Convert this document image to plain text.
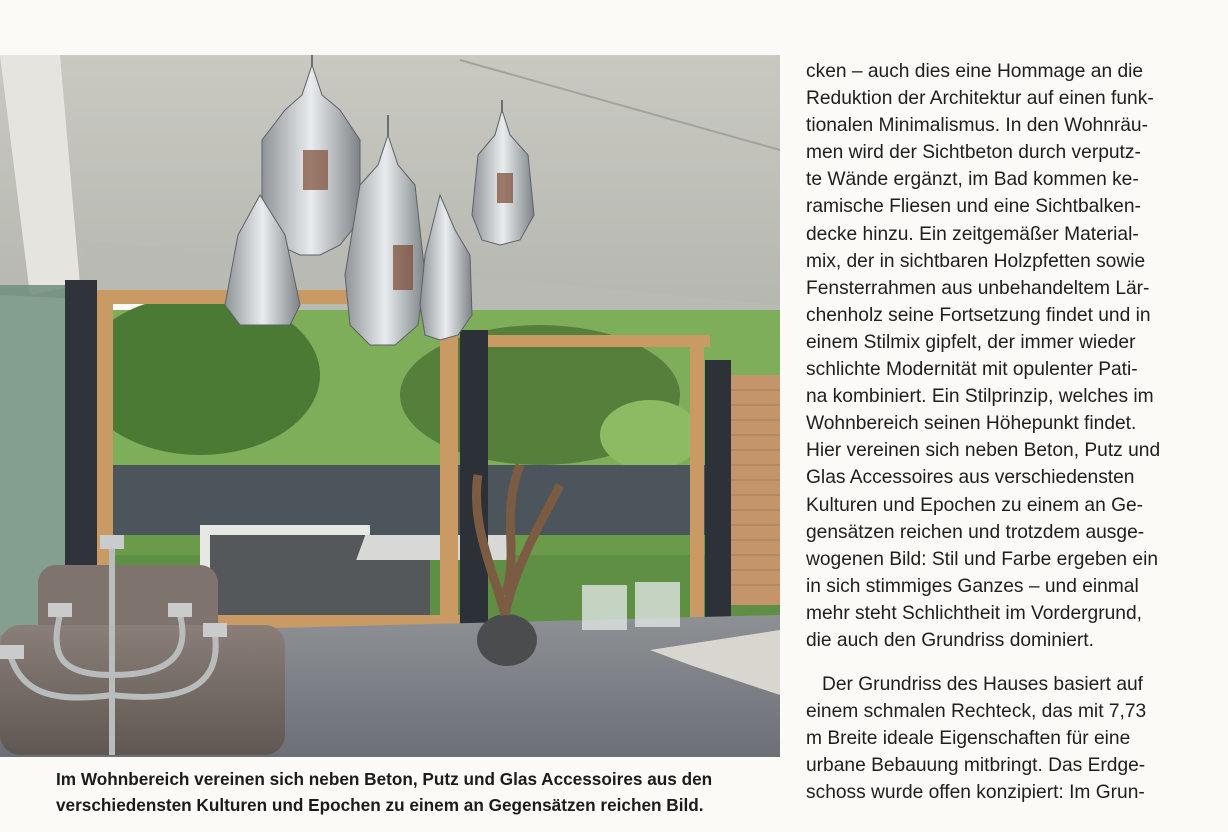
Im Wohnbereich vereinen sich neben Beton, Putz und Glas Accessoires aus den
verschiedensten Kulturen und Epochen zu einem an Gegensätzen reichen Bild.

cken – auch dies eine Hommage an die
Reduktion der Architektur auf einen funk-
tionalen Minimalismus. In den Wohnräu-
men wird der Sichtbeton durch verputz-
te Wände ergänzt, im Bad kommen ke-
ramische Fliesen und eine Sichtbalken-
decke hinzu. Ein zeitgemäßer Material-
mix, der in sichtbaren Holzpfetten sowie
Fensterrahmen aus unbehandeltem Lär-
chenholz seine Fortsetzung findet und in
einem Stilmix gipfelt, der immer wieder
schlichte Modernität mit opulenter Pati-
na kombiniert. Ein Stilprinzip, welches im
Wohnbereich seinen Höhepunkt findet.
Hier vereinen sich neben Beton, Putz und
Glas Accessoires aus verschiedensten
Kulturen und Epochen zu einem an Ge-
gensätzen reichen und trotzdem ausge-
wogenen Bild: Stil und Farbe ergeben ein
in sich stimmiges Ganzes – und einmal
mehr steht Schlichtheit im Vordergrund,
die auch den Grundriss dominiert.
Der Grundriss des Hauses basiert auf
einem schmalen Rechteck, das mit 7,73
m Breite ideale Eigenschaften für eine
urbane Bebauung mitbringt. Das Erdge-
schoss wurde offen konzipiert: Im Grun-
